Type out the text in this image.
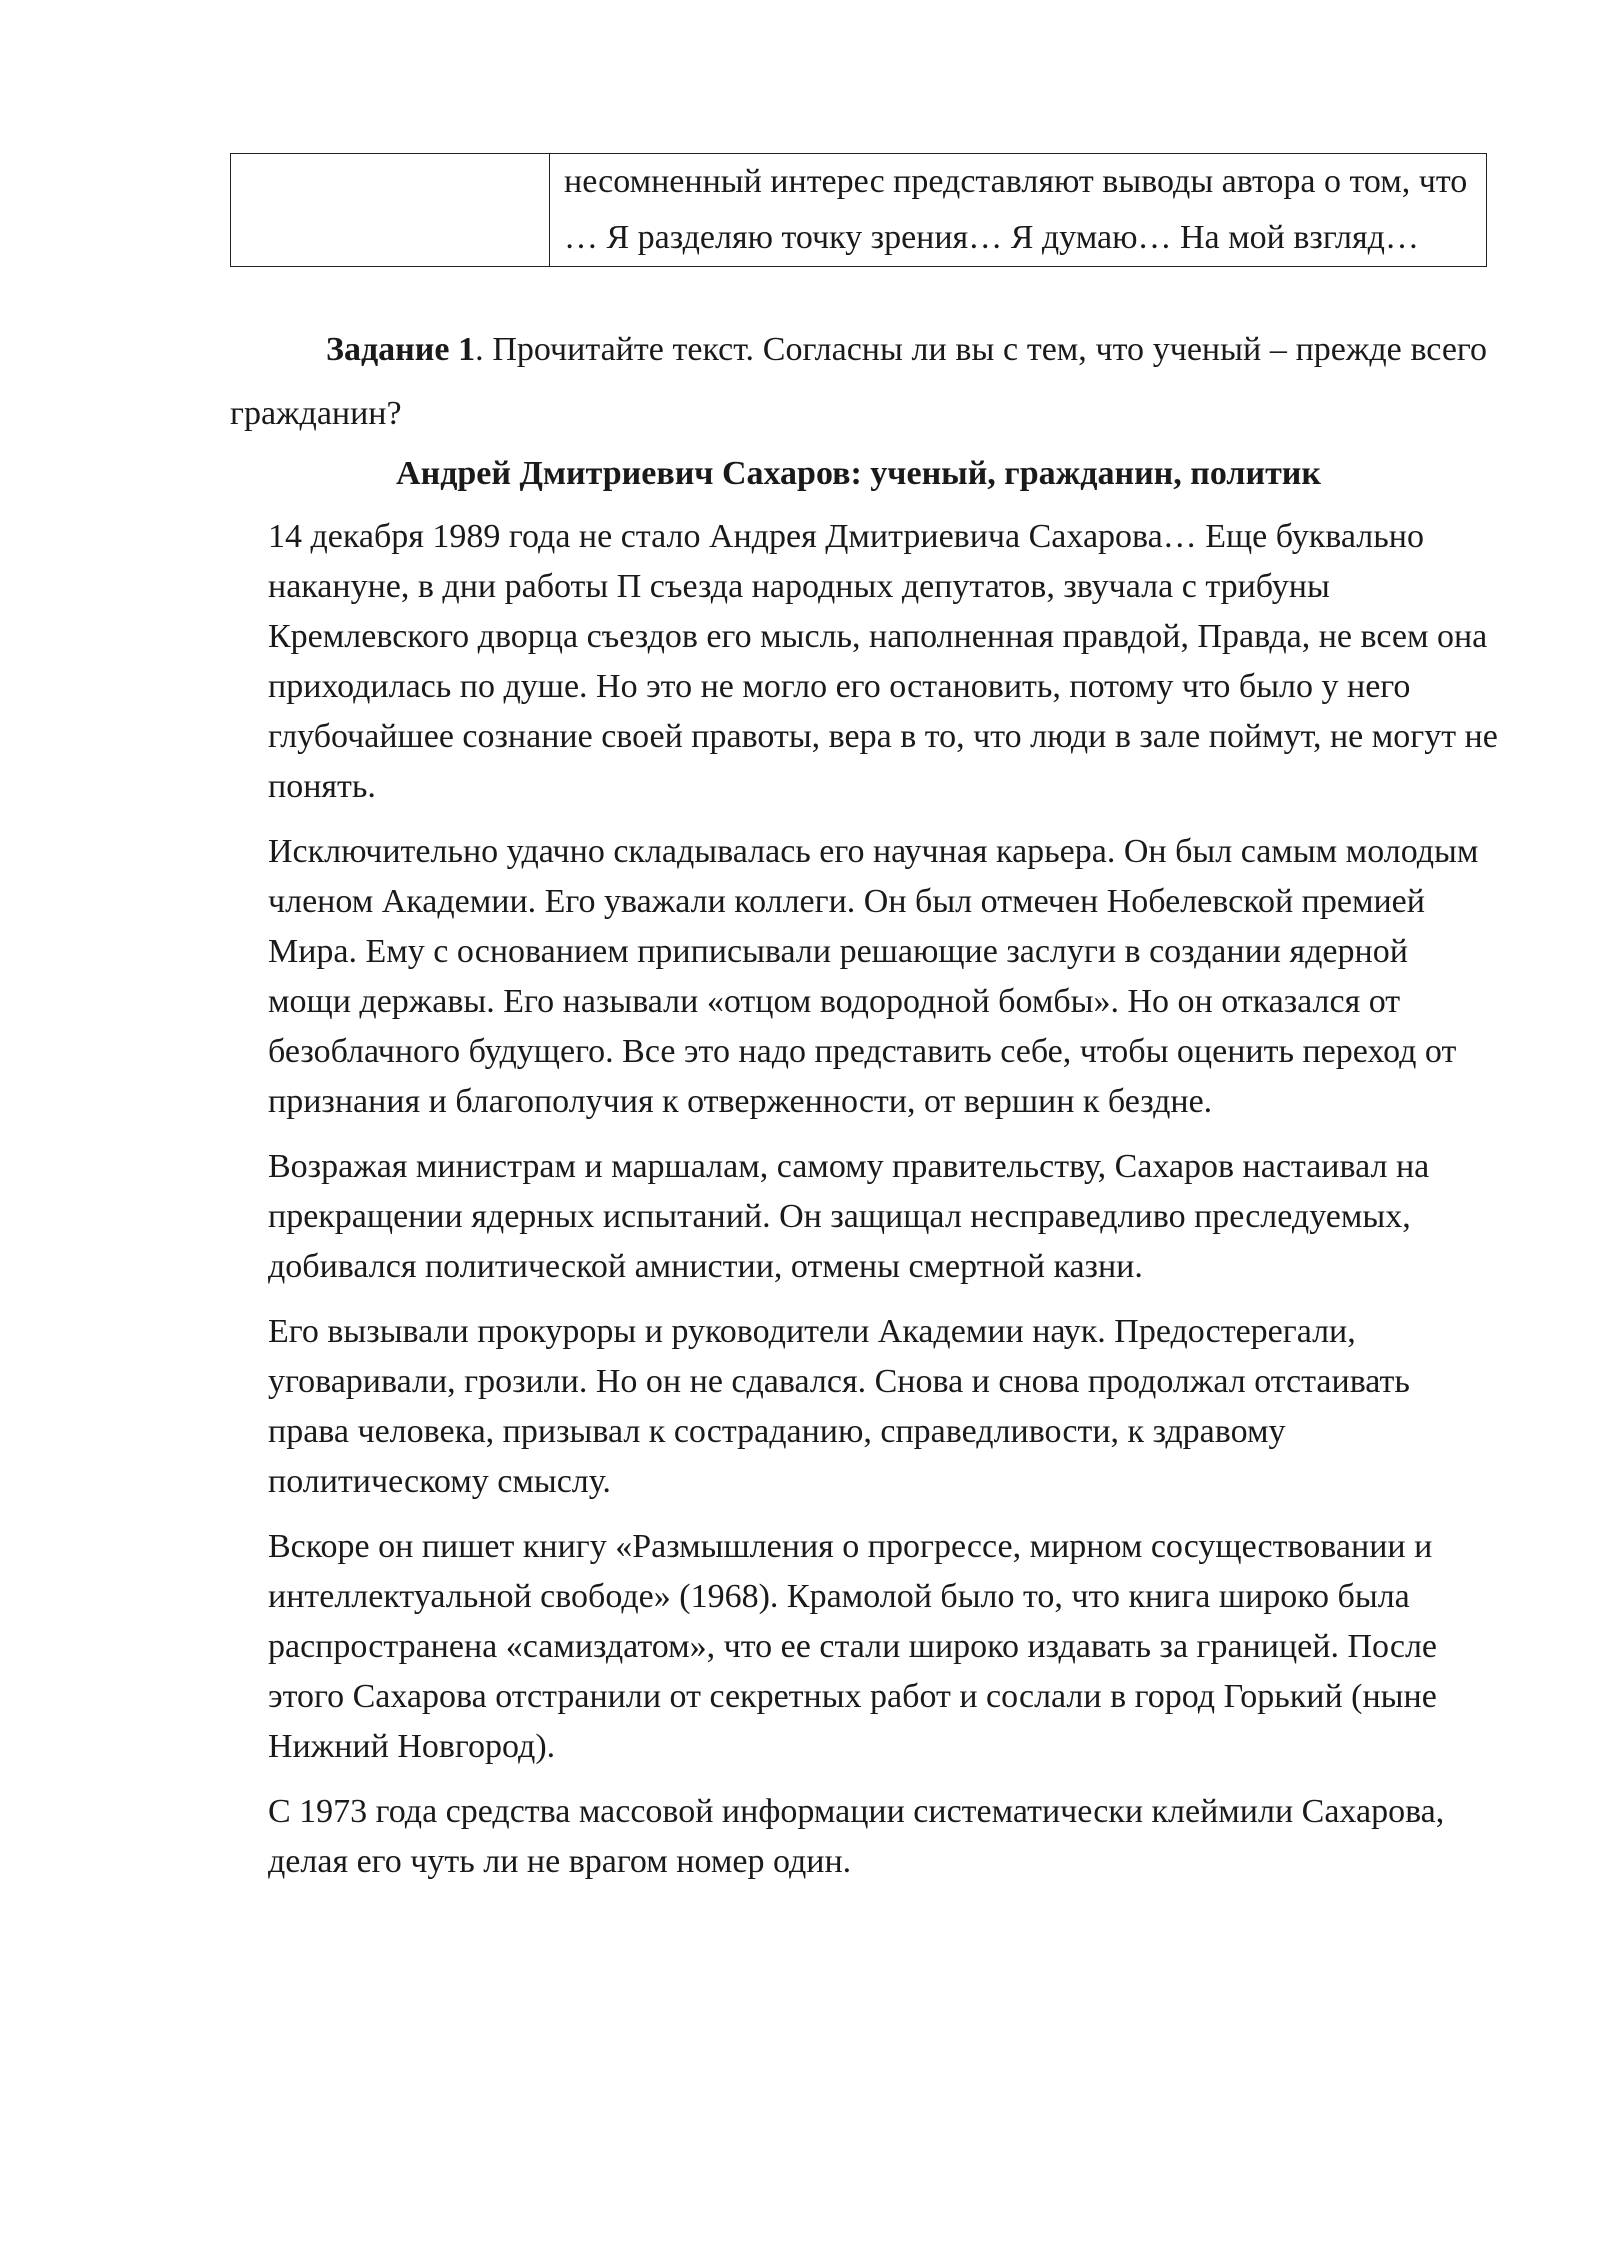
	несомненный интерес представляют выводы автора о том, что … Я разделяю точку зрения… Я думаю… На мой взгляд…

Задание 1. Прочитайте текст. Согласны ли вы с тем, что ученый – прежде всего гражданин?

Андрей Дмитриевич Сахаров: ученый, гражданин, политик

14 декабря 1989 года не стало Андрея Дмитриевича Сахарова… Еще буквально накануне, в дни работы П съезда народных депутатов, звучала с трибуны Кремлевского дворца съездов его мысль, наполненная правдой, Правда, не всем она приходилась по душе. Но это не могло его остановить, потому что было у него глубочайшее сознание своей правоты, вера в то, что люди в зале поймут, не могут не понять.

Исключительно удачно складывалась его научная карьера. Он был самым молодым членом Академии. Его уважали коллеги. Он был отмечен Нобелевской премией Мира. Ему с основанием приписывали решающие заслуги в создании ядерной мощи державы. Его называли «отцом водородной бомбы». Но он отказался от безоблачного будущего. Все это надо представить себе, чтобы оценить переход от признания и благополучия к отверженности, от вершин к бездне.

Возражая министрам и маршалам, самому правительству, Сахаров настаивал на прекращении ядерных испытаний. Он защищал несправедливо преследуемых, добивался политической амнистии, отмены смертной казни.

Его вызывали прокуроры и руководители Академии наук. Предостерегали, уговаривали, грозили. Но он не сдавался. Снова и снова продолжал отстаивать права человека, призывал к состраданию, справедливости, к здравому политическому смыслу.

Вскоре он пишет книгу «Размышления о прогрессе, мирном сосуществовании и интеллектуальной свободе» (1968). Крамолой было то, что книга широко была распространена «самиздатом», что ее стали широко издавать за границей. После этого Сахарова отстранили от секретных работ и сослали в город Горький (ныне Нижний Новгород).

С 1973 года средства массовой информации систематически клеймили Сахарова, делая его чуть ли не врагом номер один.
